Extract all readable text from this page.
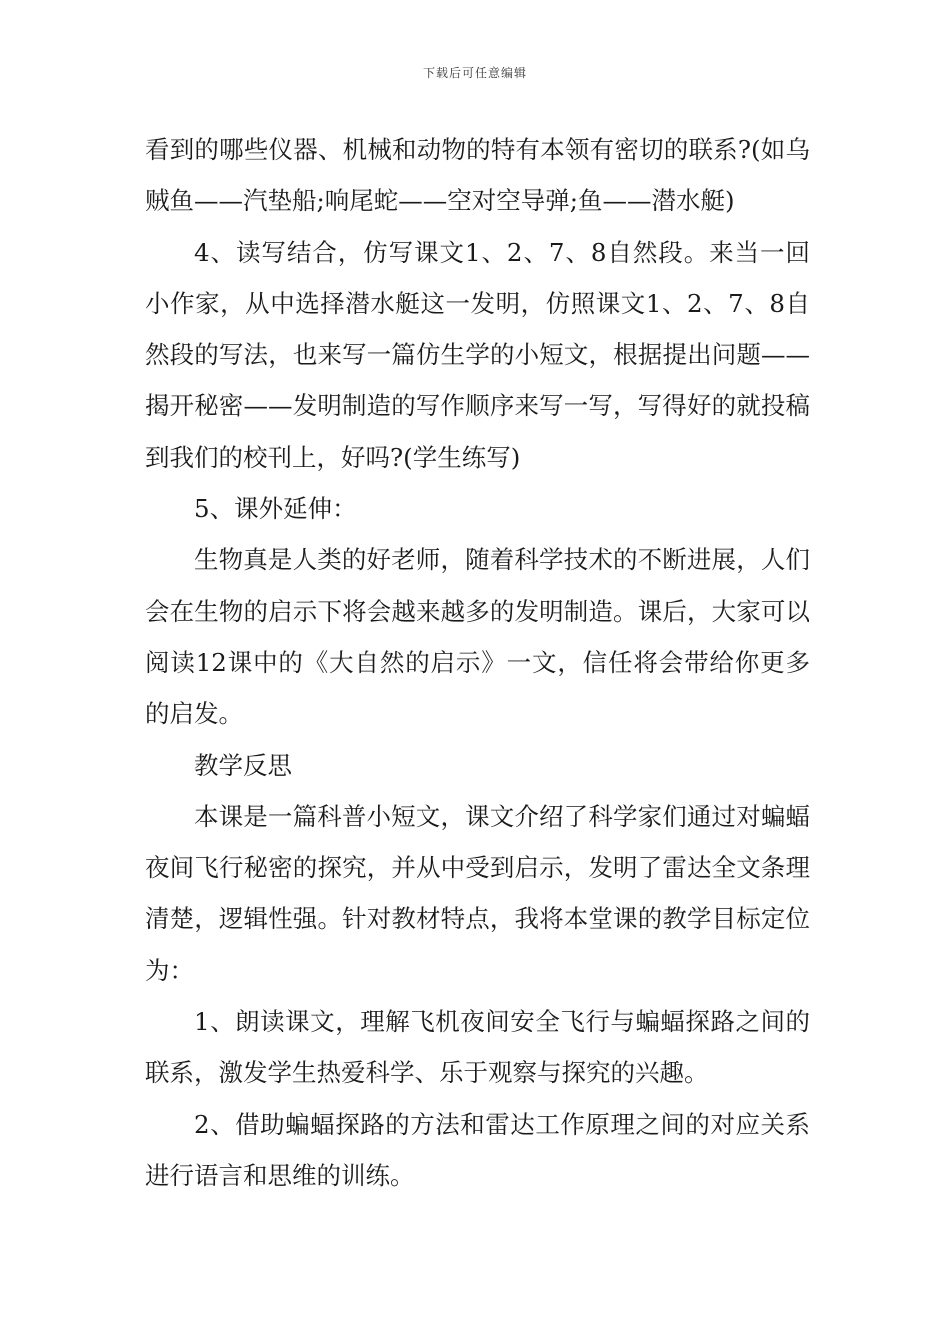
下载后可任意编辑

看到的哪些仪器、机械和动物的特有本领有密切的联系?(如乌贼鱼——汽垫船;响尾蛇——空对空导弹;鱼——潜水艇)

4、读写结合，仿写课文1、2、7、8自然段。来当一回小作家，从中选择潜水艇这一发明，仿照课文1、2、7、8自然段的写法，也来写一篇仿生学的小短文，根据提出问题——揭开秘密——发明制造的写作顺序来写一写，写得好的就投稿到我们的校刊上，好吗?(学生练写)

5、课外延伸：

生物真是人类的好老师，随着科学技术的不断进展，人们会在生物的启示下将会越来越多的发明制造。课后，大家可以阅读12课中的《大自然的启示》一文，信任将会带给你更多的启发。

教学反思

本课是一篇科普小短文，课文介绍了科学家们通过对蝙蝠夜间飞行秘密的探究，并从中受到启示，发明了雷达全文条理清楚，逻辑性强。针对教材特点，我将本堂课的教学目标定位为：

1、朗读课文，理解飞机夜间安全飞行与蝙蝠探路之间的联系，激发学生热爱科学、乐于观察与探究的兴趣。

2、借助蝙蝠探路的方法和雷达工作原理之间的对应关系进行语言和思维的训练。
